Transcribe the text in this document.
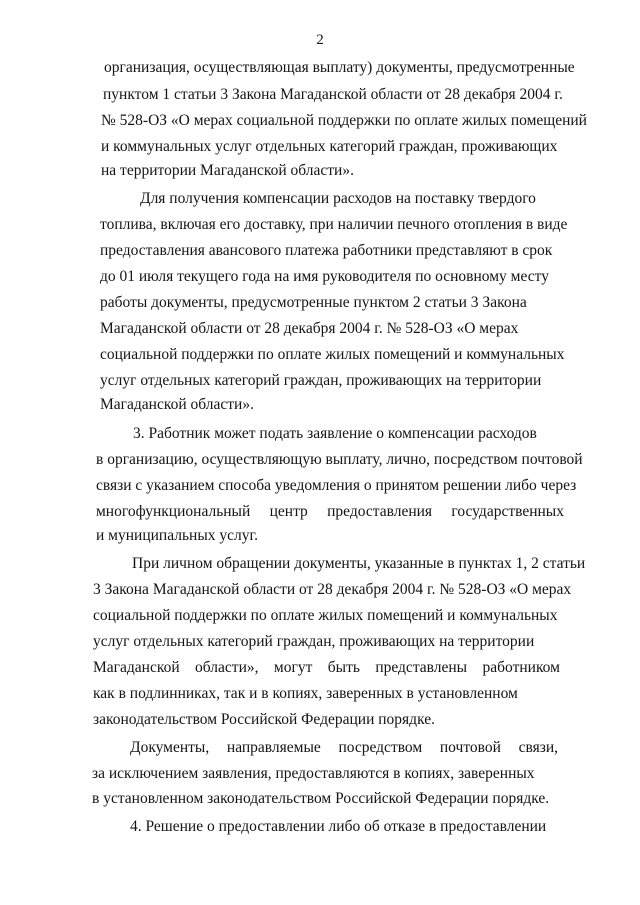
2
организация, осуществляющая выплату) документы, предусмотренные
пунктом 1 статьи 3 Закона Магаданской области от 28 декабря 2004 г.
№ 528-ОЗ «О мерах социальной поддержки по оплате жилых помещений
и коммунальных услуг отдельных категорий граждан, проживающих
на территории Магаданской области».
Для получения компенсации расходов на поставку твердого
топлива, включая его доставку, при наличии печного отопления в виде
предоставления авансового платежа работники представляют в срок
до 01 июля текущего года на имя руководителя по основному месту
работы документы, предусмотренные пунктом 2 статьи 3 Закона
Магаданской области от 28 декабря 2004 г. № 528-ОЗ «О мерах
социальной поддержки по оплате жилых помещений и коммунальных
услуг отдельных категорий граждан, проживающих на территории
Магаданской области».
3. Работник может подать заявление о компенсации расходов
в организацию, осуществляющую выплату, лично, посредством почтовой
связи с указанием способа уведомления о принятом решении либо через
многофункциональный центр предоставления государственных
и муниципальных услуг.
При личном обращении документы, указанные в пунктах 1, 2 статьи
3 Закона Магаданской области от 28 декабря 2004 г. № 528-ОЗ «О мерах
социальной поддержки по оплате жилых помещений и коммунальных
услуг отдельных категорий граждан, проживающих на территории
Магаданской области», могут быть представлены работником
как в подлинниках, так и в копиях, заверенных в установленном
законодательством Российской Федерации порядке.
Документы, направляемые посредством почтовой связи,
за исключением заявления, предоставляются в копиях, заверенных
в установленном законодательством Российской Федерации порядке.
4. Решение о предоставлении либо об отказе в предоставлении
